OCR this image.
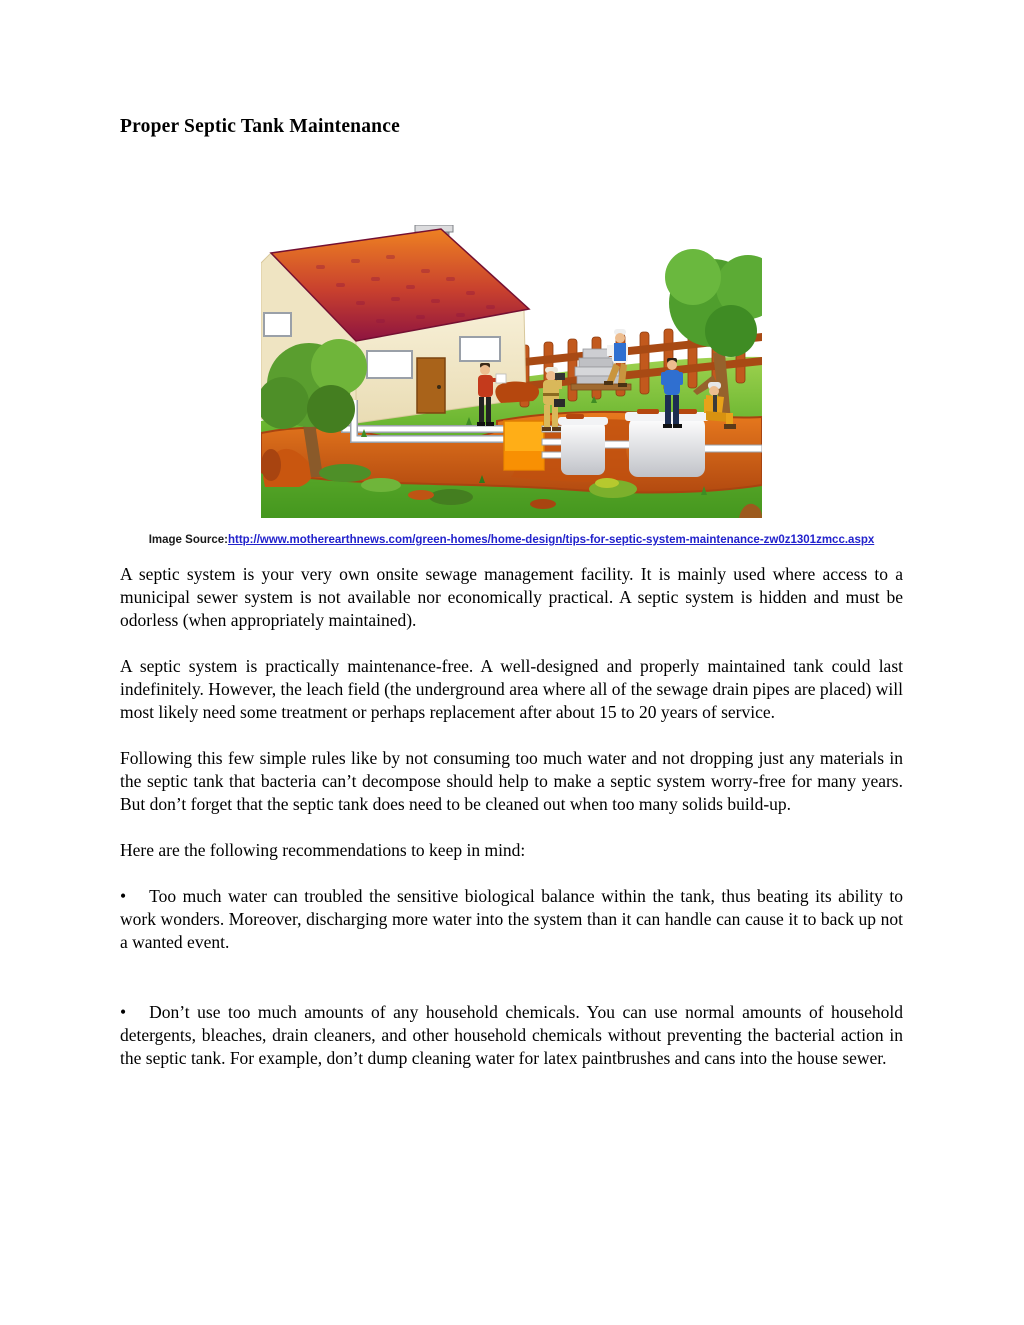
Proper Septic Tank Maintenance
Image Source:http://www.motherearthnews.com/green-homes/home-design/tips-for-septic-system-maintenance-zw0z1301zmcc.aspx

A septic system is your very own onsite sewage management facility. It is mainly used where access to a municipal sewer system is not available nor economically practical. A septic system is hidden and must be odorless (when appropriately maintained).

A septic system is practically maintenance-free. A well-designed and properly maintained tank could last indefinitely. However, the leach field (the underground area where all of the sewage drain pipes are placed) will most likely need some treatment or perhaps replacement after about 15 to 20 years of service.

Following this few simple rules like by not consuming too much water and not dropping just any materials in the septic tank that bacteria can’t decompose should help to make a septic system worry-free for many years. But don’t forget that the septic tank does need to be cleaned out when too many solids build-up.

Here are the following recommendations to keep in mind:

• Too much water can troubled the sensitive biological balance within the tank, thus beating its ability to work wonders. Moreover, discharging more water into the system than it can handle can cause it to back up not a wanted event.

• Don’t use too much amounts of any household chemicals. You can use normal amounts of household detergents, bleaches, drain cleaners, and other household chemicals without preventing the bacterial action in the septic tank. For example, don’t dump cleaning water for latex paintbrushes and cans into the house sewer.
